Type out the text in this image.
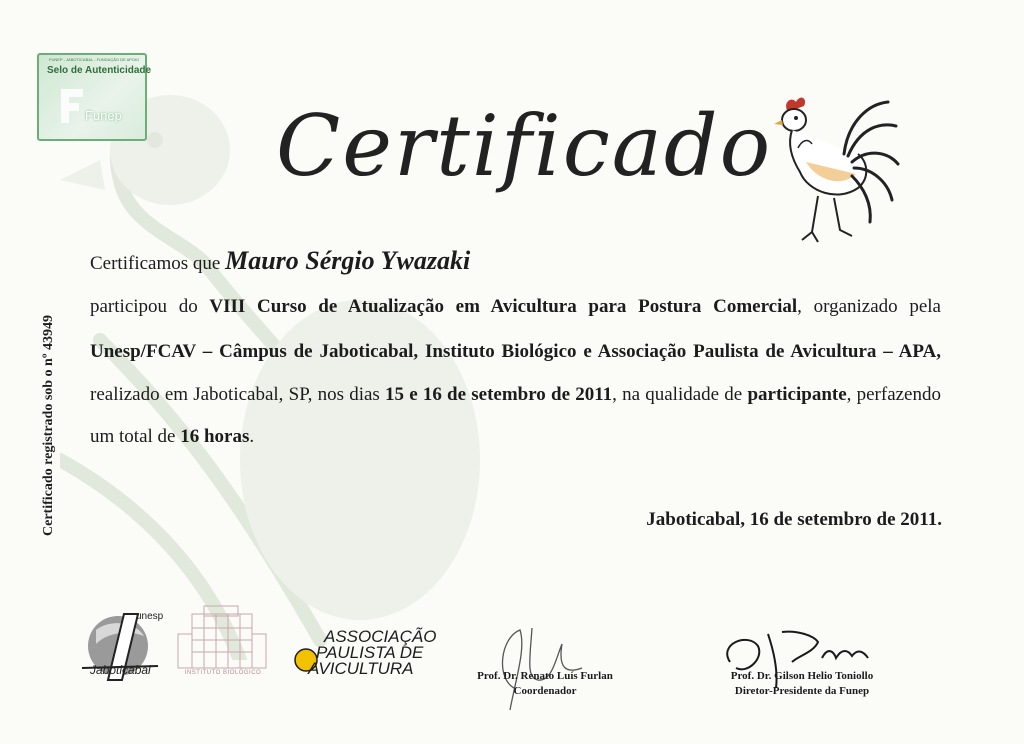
FUNEP - JABOTICABAL - FUNDAÇÃO DE APOIO
Selo de Autenticidade
Funep Certificado
Certificamos que Mauro Sérgio Ywazaki
participou do VIII Curso de Atualização em Avicultura para Postura Comercial, organizado pela
Unesp/FCAV – Câmpus de Jaboticabal, Instituto Biológico e Associação Paulista de Avicultura – APA,
realizado em Jaboticabal, SP, nos dias 15 e 16 de setembro de 2011, na qualidade de participante, perfazendo
um total de 16 horas.
Jaboticabal, 16 de setembro de 2011.
Certificado registrado sob o nº 43949
unesp
Jaboticabal	INSTITUTO BIOLÓGICO
ASSOCIAÇÃO
PAULISTA DE
AVICULTURA	Prof. Dr. Renato Luís Furlan
Coordenador
Prof. Dr. Gilson Helio Toniollo
Diretor-Presidente da Funep
